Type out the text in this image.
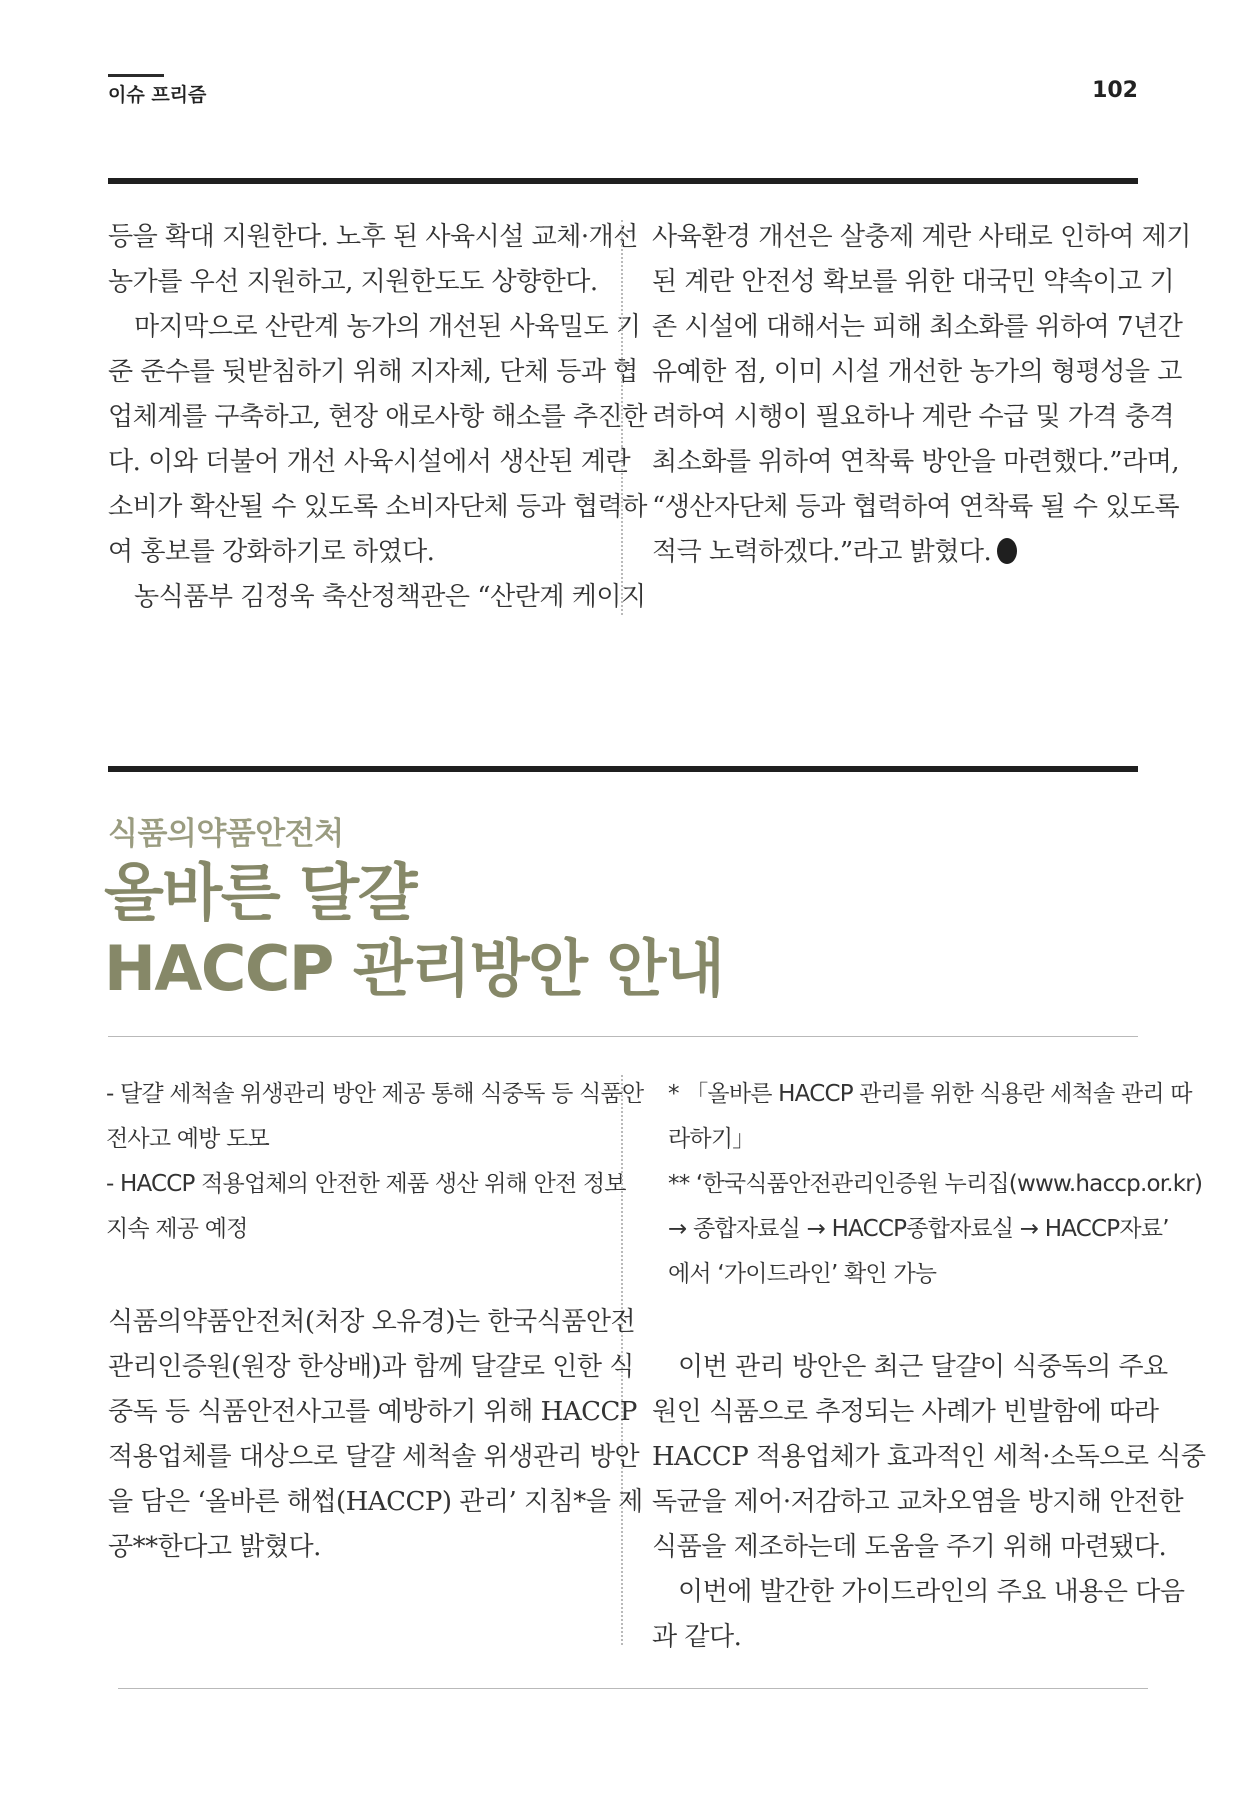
이슈 프리즘	102

등을 확대 지원한다. 노후 된 사육시설 교체·개선

농가를 우선 지원하고, 지원한도도 상향한다.

마지막으로 산란계 농가의 개선된 사육밀도 기

준 준수를 뒷받침하기 위해 지자체, 단체 등과 협

업체계를 구축하고, 현장 애로사항 해소를 추진한

다. 이와 더불어 개선 사육시설에서 생산된 계란

소비가 확산될 수 있도록 소비자단체 등과 협력하

여 홍보를 강화하기로 하였다.

농식품부 김정욱 축산정책관은 “산란계 케이지

사육환경 개선은 살충제 계란 사태로 인하여 제기

된 계란 안전성 확보를 위한 대국민 약속이고 기

존 시설에 대해서는 피해 최소화를 위하여 7년간

유예한 점, 이미 시설 개선한 농가의 형평성을 고

려하여 시행이 필요하나 계란 수급 및 가격 충격

최소화를 위하여 연착륙 방안을 마련했다.”라며,

“생산자단체 등과 협력하여 연착륙 될 수 있도록

적극 노력하겠다.”라고 밝혔다.

식품의약품안전처
올바른 달걀
HACCP 관리방안 안내
- 달걀 세척솔 위생관리 방안 제공 통해 식중독 등 식품안
전사고 예방 도모
- HACCP 적용업체의 안전한 제품 생산 위해 안전 정보
지속 제공 예정
* 「올바른 HACCP 관리를 위한 식용란 세척솔 관리 따
라하기」
** ‘한국식품안전관리인증원 누리집(www.haccp.or.kr)
→ 종합자료실 → HACCP종합자료실 → HACCP자료’
에서 ‘가이드라인’ 확인 가능

식품의약품안전처(처장 오유경)는 한국식품안전

관리인증원(원장 한상배)과 함께 달걀로 인한 식

중독 등 식품안전사고를 예방하기 위해 HACCP

적용업체를 대상으로 달걀 세척솔 위생관리 방안

을 담은 ‘올바른 해썹(HACCP) 관리’ 지침*을 제

공**한다고 밝혔다.

이번 관리 방안은 최근 달걀이 식중독의 주요

원인 식품으로 추정되는 사례가 빈발함에 따라

HACCP 적용업체가 효과적인 세척·소독으로 식중

독균을 제어·저감하고 교차오염을 방지해 안전한

식품을 제조하는데 도움을 주기 위해 마련됐다.

이번에 발간한 가이드라인의 주요 내용은 다음

과 같다.
